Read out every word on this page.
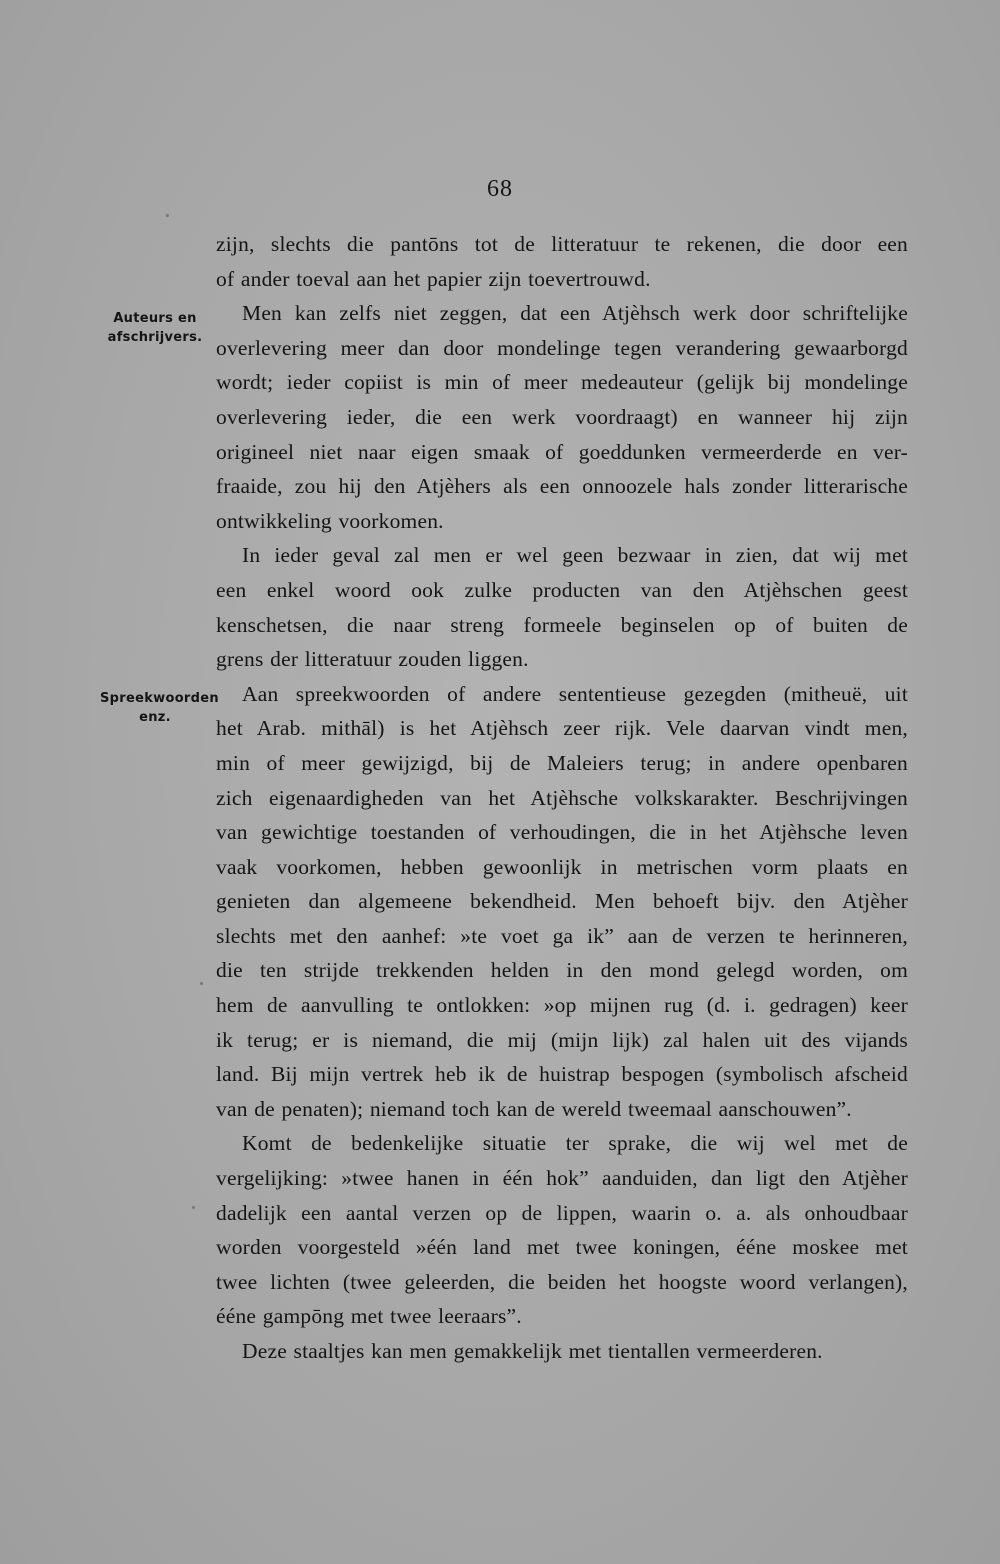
68
Auteurs en afschrijvers.
Spreekwoorden enz.
zijn, slechts die pantōns tot de litteratuur te rekenen, die door een
of ander toeval aan het papier zijn toevertrouwd.
Men kan zelfs niet zeggen, dat een Atjèhsch werk door schriftelijke
overlevering meer dan door mondelinge tegen verandering gewaarborgd
wordt; ieder copiist is min of meer medeauteur (gelijk bij mondelinge
overlevering ieder, die een werk voordraagt) en wanneer hij zijn
origineel niet naar eigen smaak of goeddunken vermeerderde en ver-
fraaide, zou hij den Atjèhers als een onnoozele hals zonder litterarische
ontwikkeling voorkomen.
In ieder geval zal men er wel geen bezwaar in zien, dat wij met
een enkel woord ook zulke producten van den Atjèhschen geest
kenschetsen, die naar streng formeele beginselen op of buiten de
grens der litteratuur zouden liggen.
Aan spreekwoorden of andere sententieuse gezegden (mitheuë, uit
het Arab. mithāl) is het Atjèhsch zeer rijk. Vele daarvan vindt men,
min of meer gewijzigd, bij de Maleiers terug; in andere openbaren
zich eigenaardigheden van het Atjèhsche volkskarakter. Beschrijvingen
van gewichtige toestanden of verhoudingen, die in het Atjèhsche leven
vaak voorkomen, hebben gewoonlijk in metrischen vorm plaats en
genieten dan algemeene bekendheid. Men behoeft bijv. den Atjèher
slechts met den aanhef: »te voet ga ik” aan de verzen te herinneren,
die ten strijde trekkenden helden in den mond gelegd worden, om
hem de aanvulling te ontlokken: »op mijnen rug (d. i. gedragen) keer
ik terug; er is niemand, die mij (mijn lijk) zal halen uit des vijands
land. Bij mijn vertrek heb ik de huistrap bespogen (symbolisch afscheid
van de penaten); niemand toch kan de wereld tweemaal aanschouwen”.
Komt de bedenkelijke situatie ter sprake, die wij wel met de
vergelijking: »twee hanen in één hok” aanduiden, dan ligt den Atjèher
dadelijk een aantal verzen op de lippen, waarin o. a. als onhoudbaar
worden voorgesteld »één land met twee koningen, ééne moskee met
twee lichten (twee geleerden, die beiden het hoogste woord verlangen),
ééne gampōng met twee leeraars”.
Deze staaltjes kan men gemakkelijk met tientallen vermeerderen.
